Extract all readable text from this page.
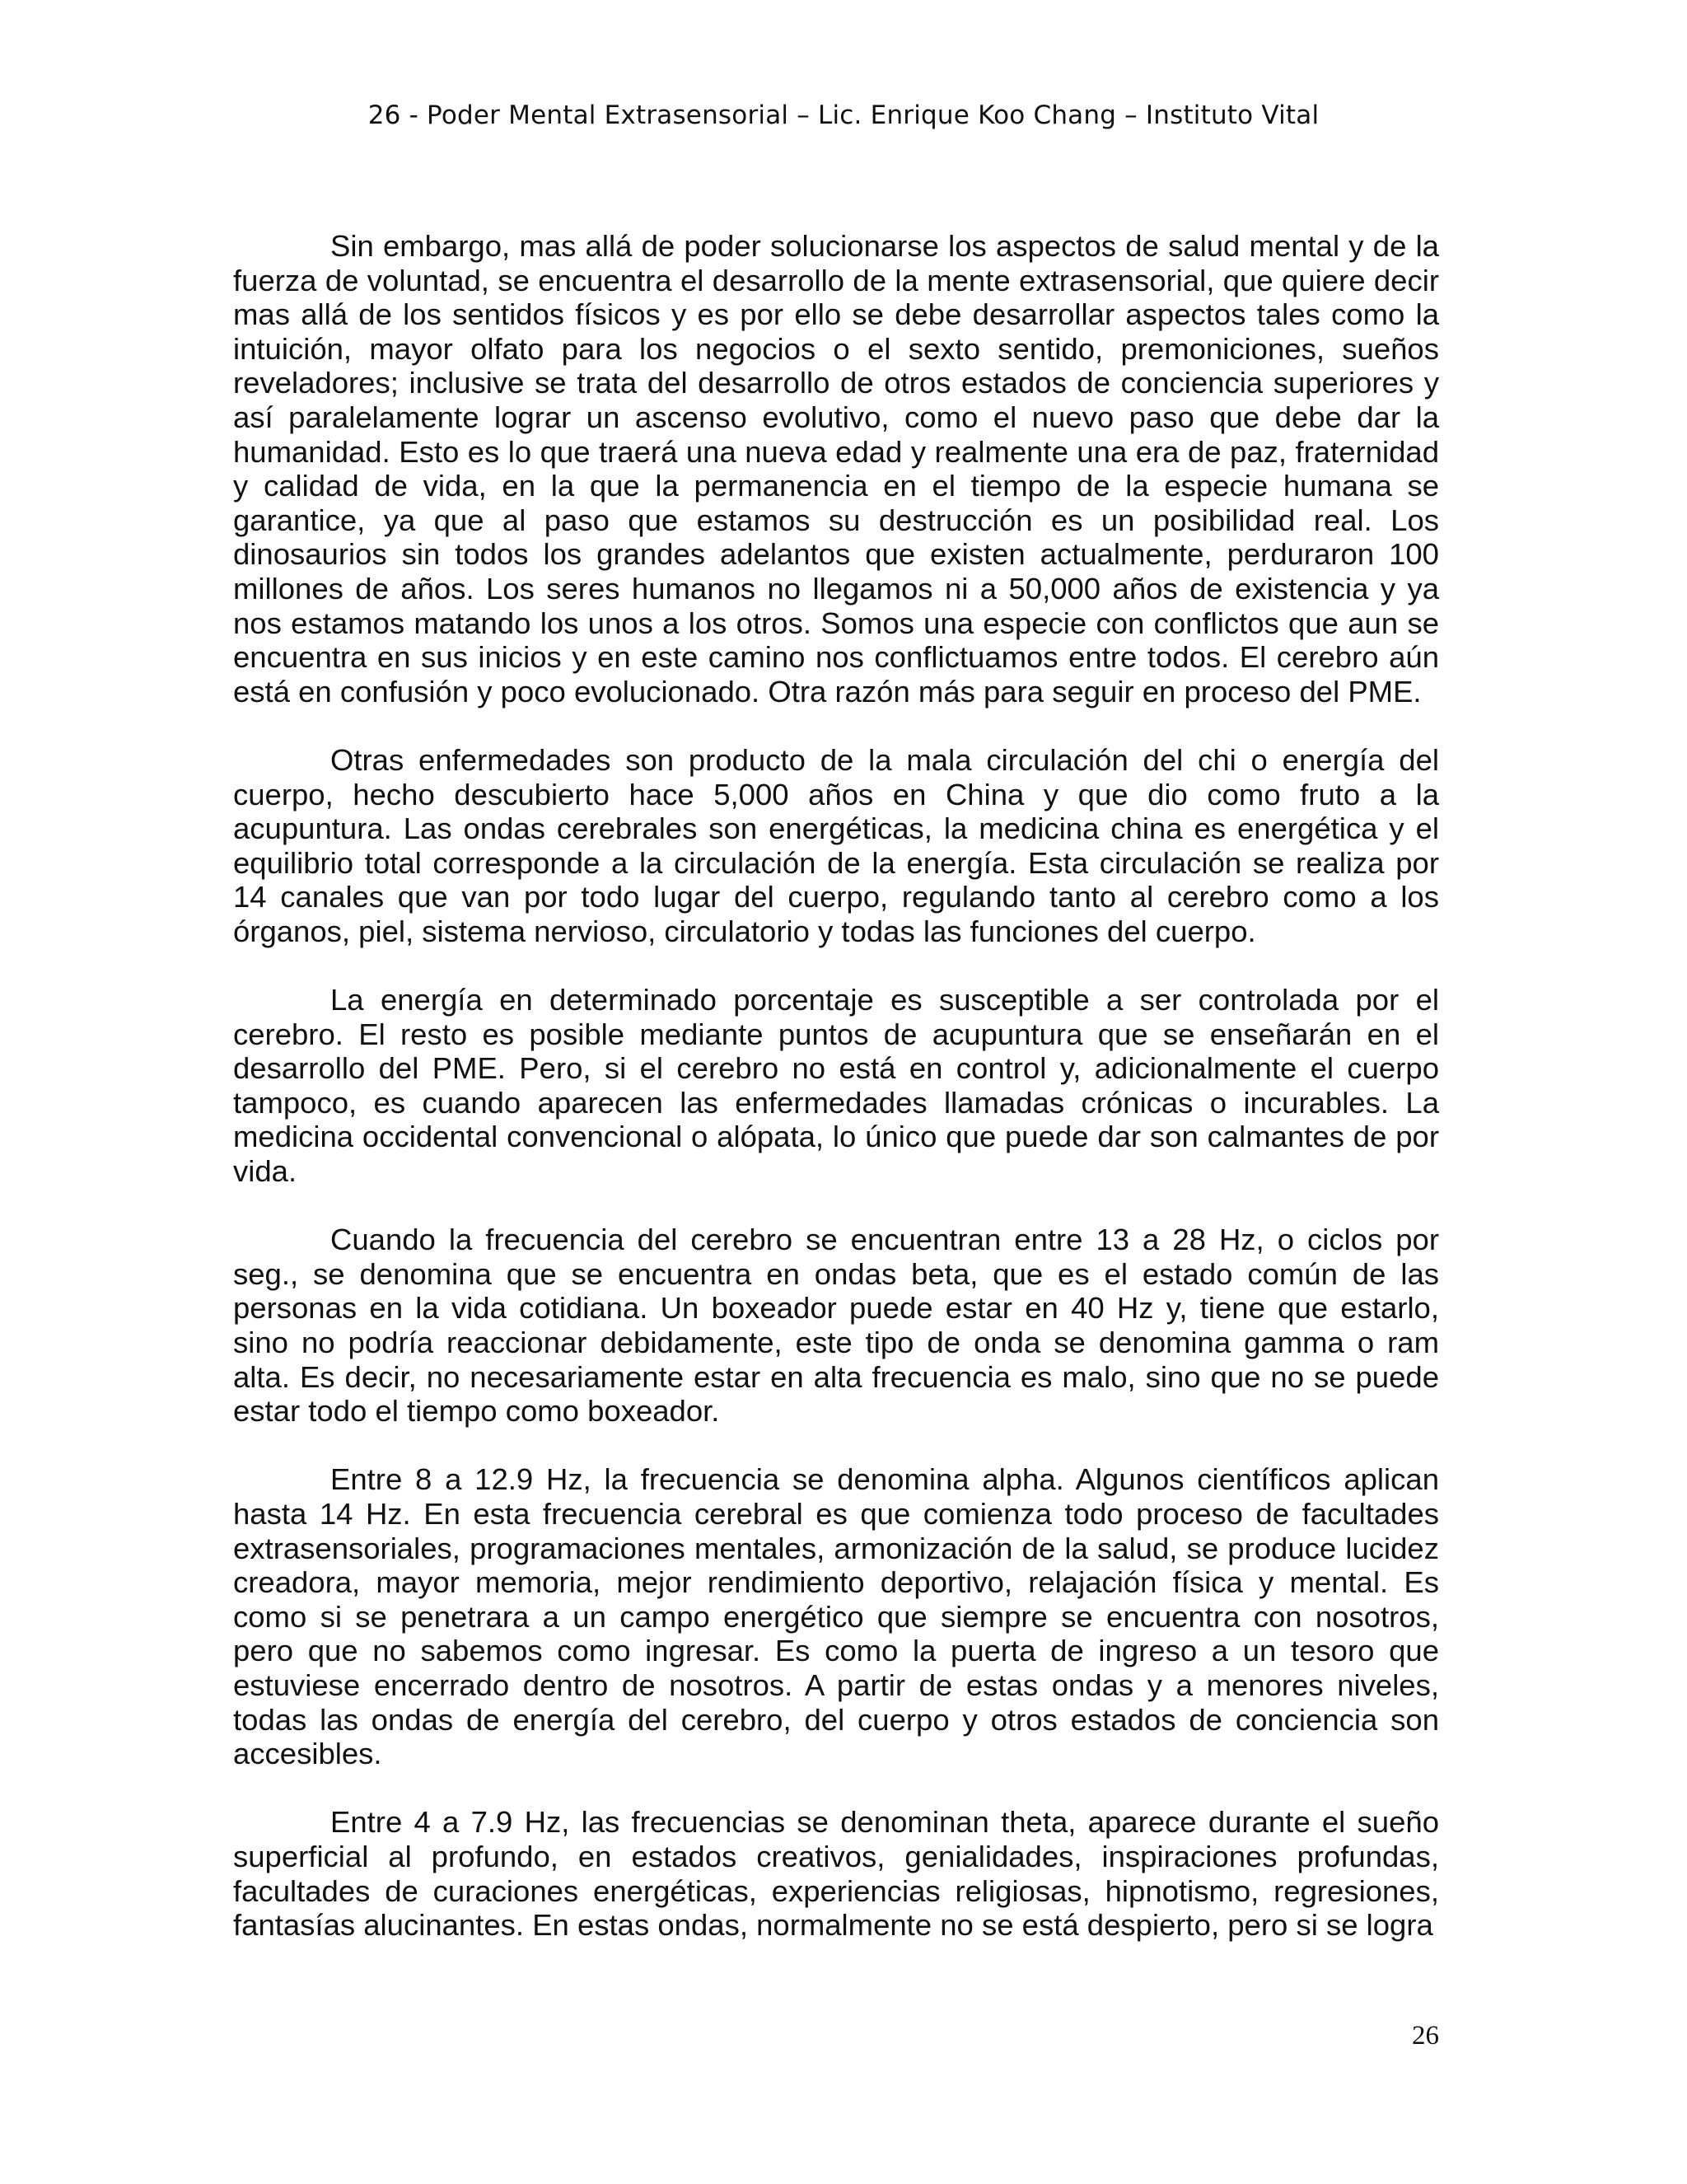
26 - Poder Mental Extrasensorial – Lic. Enrique Koo Chang – Instituto Vital

Sin embargo, mas allá de poder solucionarse los aspectos de salud mental y de la fuerza de voluntad, se encuentra el desarrollo de la mente extrasensorial, que quiere decir mas allá de los sentidos físicos y es por ello se debe desarrollar aspectos tales como la intuición, mayor olfato para los negocios o el sexto sentido, premoniciones, sueños reveladores; inclusive se trata del desarrollo de otros estados de conciencia superiores y así paralelamente lograr un ascenso evolutivo, como el nuevo paso que debe dar la humanidad. Esto es lo que traerá una nueva edad y realmente una era de paz, fraternidad y calidad de vida, en la que la permanencia en el tiempo de la especie humana se garantice, ya que al paso que estamos su destrucción es un posibilidad real. Los dinosaurios sin todos los grandes adelantos que existen actualmente, perduraron 100 millones de años. Los seres humanos no llegamos ni a 50,000 años de existencia y ya nos estamos matando los unos a los otros. Somos una especie con conflictos que aun se encuentra en sus inicios y en este camino nos conflictuamos entre todos. El cerebro aún está en confusión y poco evolucionado. Otra razón más para seguir en proceso del PME.

Otras enfermedades son producto de la mala circulación del chi o energía del cuerpo, hecho descubierto hace 5,000 años en China y que dio como fruto a la acupuntura. Las ondas cerebrales son energéticas, la medicina china es energética y el equilibrio total corresponde a la circulación de la energía. Esta circulación se realiza por 14 canales que van por todo lugar del cuerpo, regulando tanto al cerebro como a los órganos, piel, sistema nervioso, circulatorio y todas las funciones del cuerpo.

La energía en determinado porcentaje es susceptible a ser controlada por el cerebro. El resto es posible mediante puntos de acupuntura que se enseñarán en el desarrollo del PME. Pero, si el cerebro no está en control y, adicionalmente el cuerpo tampoco, es cuando aparecen las enfermedades llamadas crónicas o incurables. La medicina occidental convencional o alópata, lo único que puede dar son calmantes de por vida.

Cuando la frecuencia del cerebro se encuentran entre 13 a 28 Hz, o ciclos por seg., se denomina que se encuentra en ondas beta, que es el estado común de las personas en la vida cotidiana. Un boxeador puede estar en 40 Hz y, tiene que estarlo, sino no podría reaccionar debidamente, este tipo de onda se denomina gamma o ram alta. Es decir, no necesariamente estar en alta frecuencia es malo, sino que no se puede estar todo el tiempo como boxeador.

Entre 8 a 12.9 Hz, la frecuencia se denomina alpha. Algunos científicos aplican hasta 14 Hz. En esta frecuencia cerebral es que comienza todo proceso de facultades extrasensoriales, programaciones mentales, armonización de la salud, se produce lucidez creadora, mayor memoria, mejor rendimiento deportivo, relajación física y mental. Es como si se penetrara a un campo energético que siempre se encuentra con nosotros, pero que no sabemos como ingresar. Es como la puerta de ingreso a un tesoro que estuviese encerrado dentro de nosotros. A partir de estas ondas y a menores niveles, todas las ondas de energía del cerebro, del cuerpo y otros estados de conciencia son accesibles.

Entre 4 a 7.9 Hz, las frecuencias se denominan theta, aparece durante el sueño superficial al profundo, en estados creativos, genialidades, inspiraciones profundas, facultades de curaciones energéticas, experiencias religiosas, hipnotismo, regresiones, fantasías alucinantes. En estas ondas, normalmente no se está despierto, pero si se logra

26
